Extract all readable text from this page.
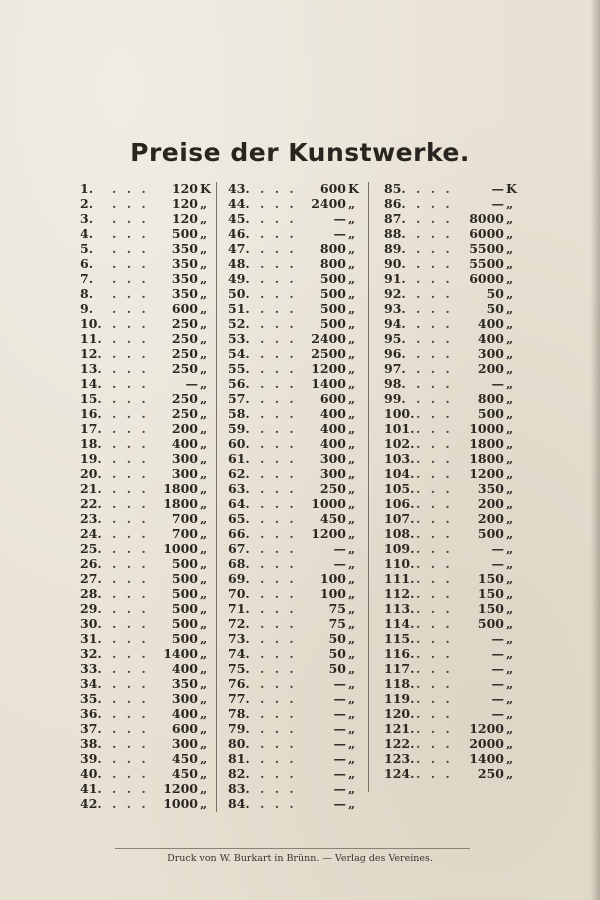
Preise der Kunstwerke.
1. . . . 120 K
2. . . . 120 „
3. . . . 120 „
4. . . . 500 „
5. . . . 350 „
6. . . . 350 „
7. . . . 350 „
8. . . . 350 „
9. . . . 600 „
10. . . . 250 „
11. . . . 250 „
12. . . . 250 „
13. . . . 250 „
14. . . .	— „
15. . . . 250 „
16. . . . 250 „
17. . . . 200 „
18. . . . 400 „
19. . . . 300 „
20. . . . 300 „
21. . . . 1800 „
22. . . . 1800 „
23. . . . 700 „
24. . . . 700 „
25. . . . 1000 „
26. . . . 500 „
27. . . . 500 „
28. . . . 500 „
29. . . . 500 „
30. . . . 500 „
31. . . . 500 „
32. . . . 1400 „
33. . . . 400 „
34. . . . 350 „
35. . . . 300 „
36. . . . 400 „
37. . . . 600 „
38. . . . 300 „
39. . . . 450 „
40. . . . 450 „
41. . . . 1200 „
42. . . . 1000 „
43. . . . 600 K
44. . . . 2400 „
45. . . .	— „
46. . . .	— „
47. . . . 800 „
48. . . . 800 „
49. . . . 500 „
50. . . . 500 „
51. . . . 500 „
52. . . . 500 „
53. . . . 2400 „
54. . . . 2500 „
55. . . . 1200 „
56. . . . 1400 „
57. . . . 600 „
58. . . . 400 „
59. . . . 400 „
60. . . . 400 „
61. . . . 300 „
62. . . . 300 „
63. . . . 250 „
64. . . . 1000 „
65. . . . 450 „
66. . . . 1200 „
67. . . .	— „
68. . . .	— „
69. . . . 100 „
70. . . . 100 „
71. . . .	75 „
72. . . .	75 „
73. . . .	50 „
74. . . .	50 „
75. . . .	50 „
76. . . .	— „
77. . . .	— „
78. . . .	— „
79. . . .	— „
80. . . .	— „
81. . . .	— „
82. . . .	— „
83. . . .	— „
84. . . .	— „
85. . . .	— K
86. . . .	— „
87. . . . 8000 „
88. . . . 6000 „
89. . . . 5500 „
90. . . . 5500 „
91. . . . 6000 „
92. . . .	50 „
93. . . .	50 „
94. . . . 400 „
95. . . . 400 „
96. . . . 300 „
97. . . . 200 „
98. . . .	— „
99. . . . 800 „
100. . . . 500 „
101. . . . 1000 „
102. . . . 1800 „
103. . . . 1800 „
104. . . . 1200 „
105. . . . 350 „
106. . . . 200 „
107. . . . 200 „
108. . . . 500 „
109. . . .	— „
110. . . .	— „
111. . . . 150 „
112. . . . 150 „
113. . . . 150 „
114. . . . 500 „
115. . . .	— „
116. . . .	— „
117. . . .	— „
118. . . .	— „
119. . . .	— „
120. . . .	— „
121. . . . 1200 „
122. . . . 2000 „
123. . . . 1400 „
124. . . . 250 „
Druck von W. Burkart in Brünn. — Verlag des Vereines.
